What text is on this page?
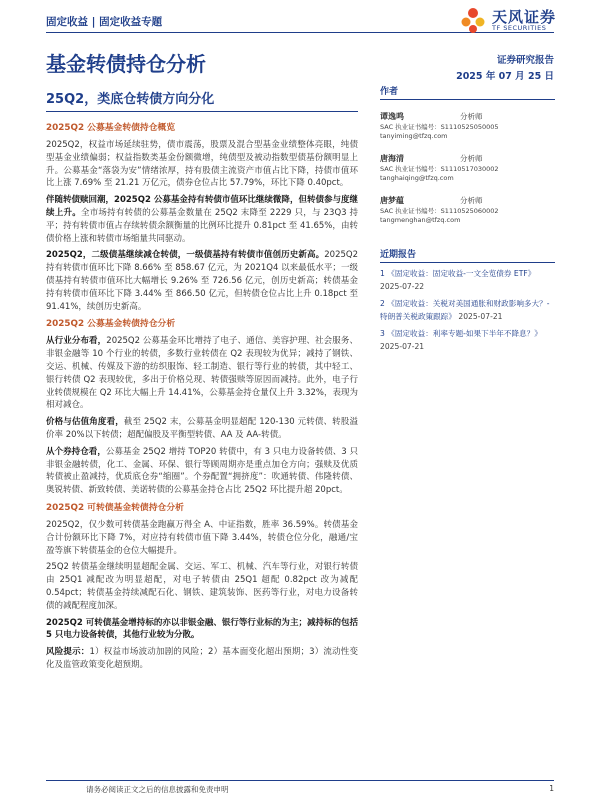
固定收益 | 固定收益专题	天风证券
TF SECURITIES
基金转债持仓分析	证券研究报告
2025 年 07 月 25 日
25Q2，类底仓转债方向分化
2025Q2 公募基金转债持仓概览

2025Q2，权益市场延续驻势，债市震荡，股票及混合型基金业绩整体亮眼，纯债型基金业绩偏弱；权益指数类基金份额微增，纯债型及被动指数型债基份额明显上升。公募基金“落袋为安”情绪浓厚，持有股债主流资产市值占比下降，持债市值环比上涨 7.69% 至 21.21 万亿元，债券仓位占比 57.79%，环比下降 0.40pct。

伴随转债赎回潮，2025Q2 公募基金持有转债市值环比继续微降，但转债参与度继续上升。全市场持有转债的公募基金数量在 25Q2 末降至 2229 只，与 23Q3 持平；持有转债市值占存续转债余额衡量的比例环比提升 0.81pct 至 41.65%，由转债价格上涨和转债市场缩量共同驱动。

2025Q2，二级债基继续减仓转债，一级债基持有转债市值创历史新高。2025Q2 持有转债市值环比下降 8.66% 至 858.67 亿元，为 2021Q4 以来最低水平；一级债基持有转债市值环比大幅增长 9.26% 至 726.56 亿元，创历史新高；转债基金持有转债市值环比下降 3.44% 至 866.50 亿元，但转债仓位占比上升 0.18pct 至 91.41%，续创历史新高。

2025Q2 公募基金转债持仓分析

从行业分布看，2025Q2 公募基金环比增持了电子、通信、美容护理、社会服务、非银金融等 10 个行业的转债，多数行业转债在 Q2 表现较为优异；减持了钢铁、交运、机械、传媒及下游的纺织服饰、轻工制造、银行等行业的转债，其中轻工、银行转债 Q2 表现较优，多出于价格兑现、转债强赎等原因而减持。此外，电子行业转债规模在 Q2 环比大幅上升 14.41%，公募基金持仓量仅上升 3.32%，表现为相对减仓。

价格与估值角度看，截至 25Q2 末，公募基金明显超配 120-130 元转债、转股溢价率 20%以下转债；超配偏股及平衡型转债、AA 及 AA-转债。

从个券持仓看，公募基金 25Q2 增持 TOP20 转债中，有 3 只电力设备转债、3 只非银金融转债，化工、金属、环保、银行等顾周期亦是重点加仓方向；强赎及优质转债被止盈减持，优质底仓券“缩圈”。个券配置“拥挤度”：吹通转债、伟隆转债、奥锐转债、新致转债、美诺转债的公募基金持仓占比 25Q2 环比提升超 20pct。

2025Q2 可转债基金转债持仓分析

2025Q2，仅少数可转债基金跑赢万得全 A、中证指数，胜率 36.59%。转债基金合计份额环比下降 7%，对应持有转债市值下降 3.44%，转债仓位分化，融通/宝盈等旗下转债基金的仓位大幅提升。

25Q2 转债基金继续明显超配金属、交运、军工、机械、汽车等行业，对银行转债由 25Q1 减配改为明显超配，对电子转债由 25Q1 超配 0.82pct 改为减配 0.54pct；转债基金持续减配石化、钢铁、建筑装饰、医药等行业，对电力设备转债的减配程度加深。

2025Q2 可转债基金增持标的亦以非银金融、银行等行业标的为主；减持标的包括 5 只电力设备转债，其他行业较为分散。

风险提示：1）权益市场波动加剧的风险；2）基本面变化超出预期；3）流动性变化及监管政策变化超预期。

作者
谭逸鸣	分析师
SAC 执业证书编号：S1110525050005
tanyiming@tfzq.com
唐海清	分析师
SAC 执业证书编号：S1110517030002
tanghaiqing@tfzq.com
唐梦蕴	分析师
SAC 执业证书编号：S1110525060002
tangmenghan@tfzq.com
近期报告
1 《固定收益：固定收益-一文全览债券 ETF》 2025-07-22
2 《固定收益：关税对美国通胀和财政影响多大？-特朗普关税政策跟踪》 2025-07-21
3 《固定收益：利率专题-如果下半年不降息？》 2025-07-21
请务必阅读正文之后的信息披露和免责申明	1
